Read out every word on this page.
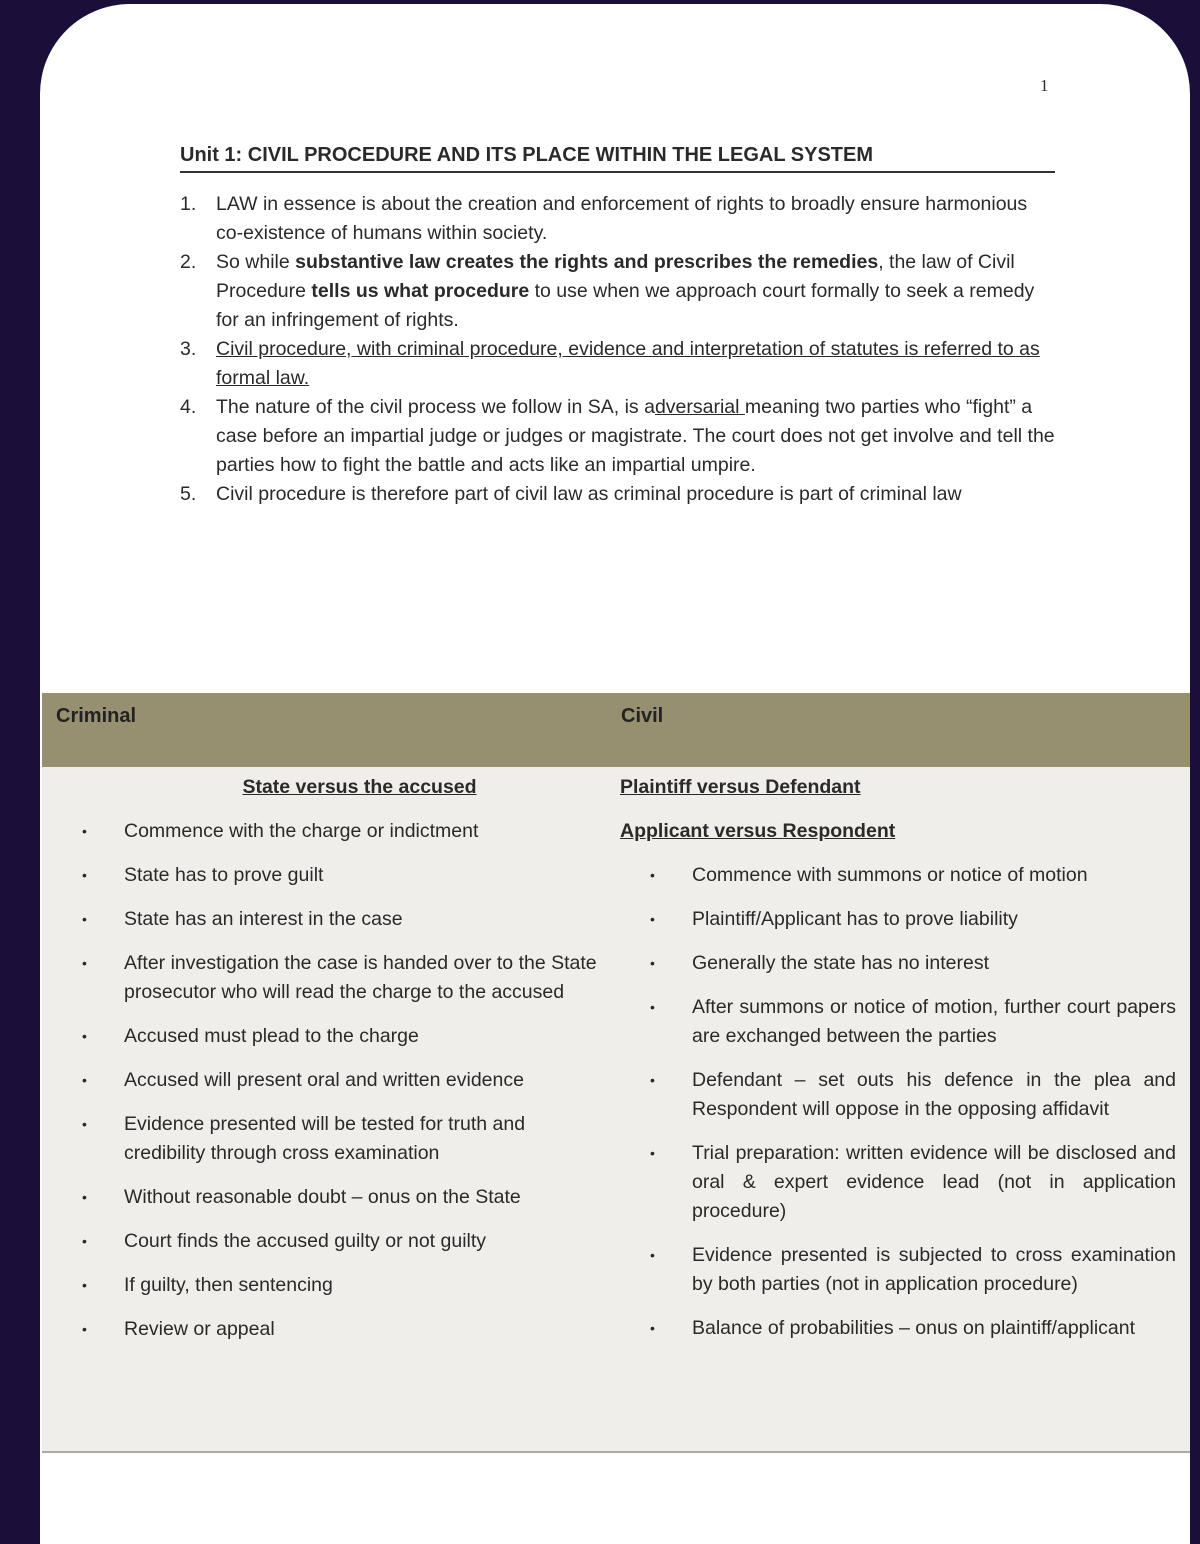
1
Unit 1: CIVIL PROCEDURE AND ITS PLACE WITHIN THE LEGAL SYSTEM
1.	LAW in essence is about the creation and enforcement of rights to broadly ensure harmonious co-existence of humans within society.
2.	So while substantive law creates the rights and prescribes the remedies, the law of Civil Procedure tells us what procedure to use when we approach court formally to seek a remedy for an infringement of rights.
3.	Civil procedure, with criminal procedure, evidence and interpretation of statutes is referred to as formal law.
4.	The nature of the civil process we follow in SA, is adversarial meaning two parties who “fight” a case before an impartial judge or judges or magistrate. The court does not get involve and tell the parties how to fight the battle and acts like an impartial umpire.
5.	Civil procedure is therefore part of civil law as criminal procedure is part of criminal law
Criminal	Civil
State versus the accused
•	Commence with the charge or indictment
•	State has to prove guilt
•	State has an interest in the case
•	After investigation the case is handed over to the State prosecutor who will read the charge to the accused
•	Accused must plead to the charge
•	Accused will present oral and written evidence
•	Evidence presented will be tested for truth and credibility through cross examination
•	Without reasonable doubt – onus on the State
•	Court finds the accused guilty or not guilty
•	If guilty, then sentencing
•	Review or appeal
Plaintiff versus Defendant
Applicant versus Respondent
•	Commence with summons or notice of motion
•	Plaintiff/Applicant has to prove liability
•	Generally the state has no interest
•	After summons or notice of motion, further court papers are exchanged between the parties
•	Defendant – set outs his defence in the plea and Respondent will oppose in the opposing affidavit
•	Trial preparation: written evidence will be disclosed and oral & expert evidence lead (not in application procedure)
•	Evidence presented is subjected to cross examination by both parties (not in application procedure)
•	Balance of probabilities – onus on plaintiff/applicant
